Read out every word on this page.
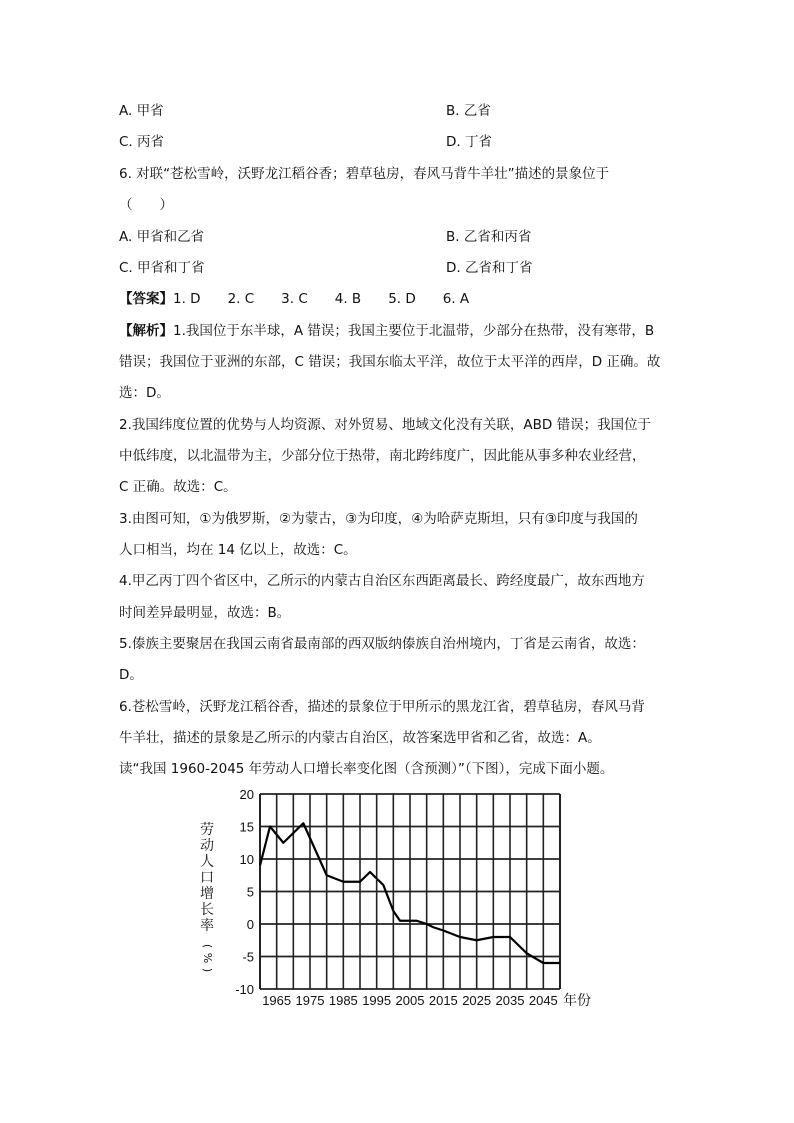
A. 甲省	B. 乙省
C. 丙省	D. 丁省
6. 对联“苍松雪岭，沃野龙江稻谷香；碧草毡房，春风马背牛羊壮”描述的景象位于
（　　）
A. 甲省和乙省	B. 乙省和丙省
C. 甲省和丁省	D. 乙省和丁省
【答案】1. D　　2. C　　3. C　　4. B　　5. D　　6. A
【解析】1.我国位于东半球，A 错误；我国主要位于北温带，少部分在热带，没有寒带，B
错误；我国位于亚洲的东部，C 错误；我国东临太平洋，故位于太平洋的西岸，D 正确。故
选：D。
2.我国纬度位置的优势与人均资源、对外贸易、地域文化没有关联，ABD 错误；我国位于
中低纬度，以北温带为主，少部分位于热带，南北跨纬度广，因此能从事多种农业经营，
C 正确。故选：C。
3.由图可知，①为俄罗斯，②为蒙古，③为印度，④为哈萨克斯坦，只有③印度与我国的
人口相当，均在 14 亿以上，故选：C。
4.甲乙丙丁四个省区中，乙所示的内蒙古自治区东西距离最长、跨经度最广，故东西地方
时间差异最明显，故选：B。
5.傣族主要聚居在我国云南省最南部的西双版纳傣族自治州境内，丁省是云南省，故选：
D。
6.苍松雪岭，沃野龙江稻谷香，描述的景象位于甲所示的黑龙江省，碧草毡房，春风马背
牛羊壮，描述的景象是乙所示的内蒙古自治区，故答案选甲省和乙省，故选：A。
读“我国 1960-2045 年劳动人口增长率变化图（含预测）”（下图），完成下面小题。
劳
动
人
口
增
长
率
(
%
)
20
15
10
5
0
-5
-10
1965 1975 1985 1995 2005 2015 2025 2035 2045 年份
